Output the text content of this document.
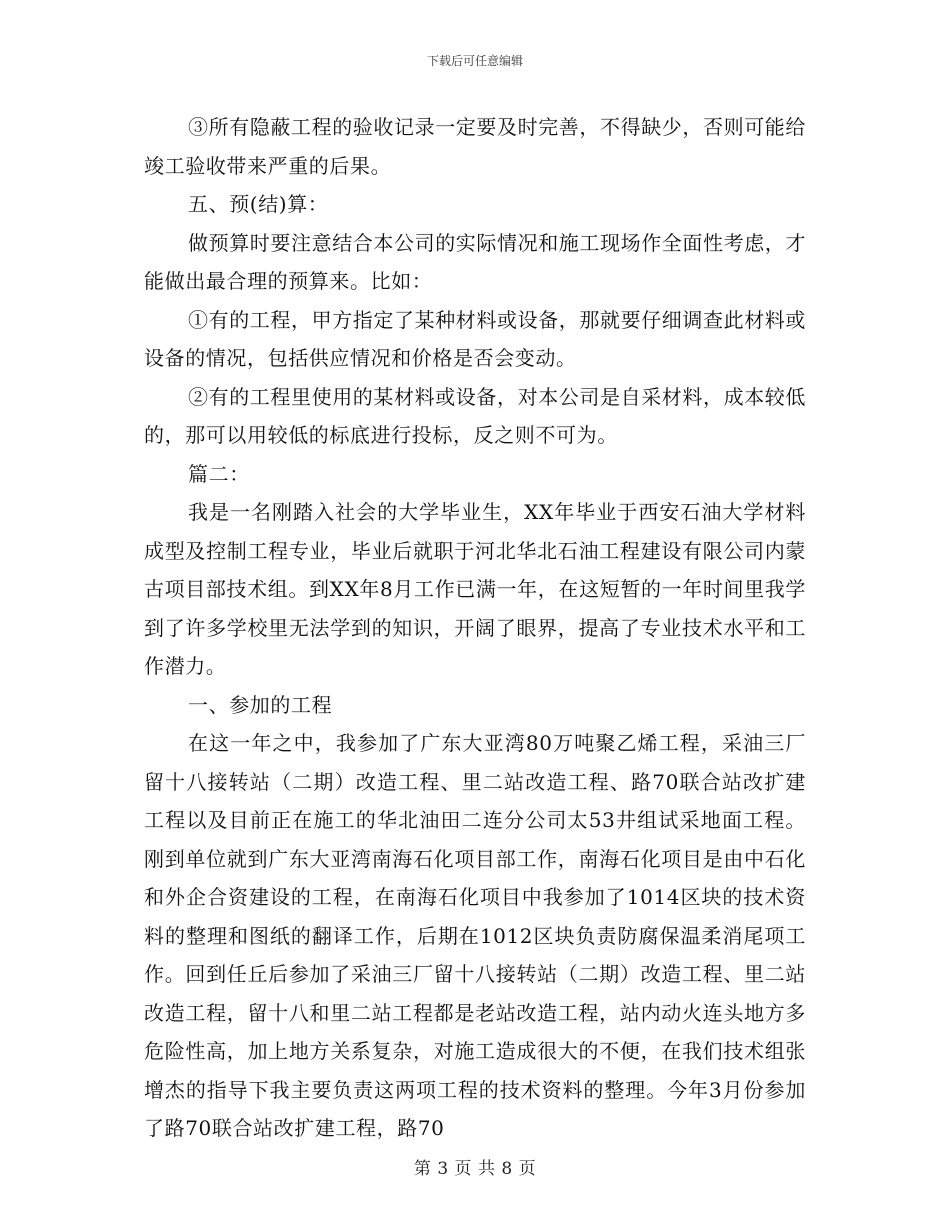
下载后可任意编辑

③所有隐蔽工程的验收记录一定要及时完善，不得缺少，否则可能给竣工验收带来严重的后果。

五、预(结)算：

做预算时要注意结合本公司的实际情况和施工现场作全面性考虑，才能做出最合理的预算来。比如：

①有的工程，甲方指定了某种材料或设备，那就要仔细调查此材料或设备的情况，包括供应情况和价格是否会变动。

②有的工程里使用的某材料或设备，对本公司是自采材料，成本较低的，那可以用较低的标底进行投标，反之则不可为。

篇二：

我是一名刚踏入社会的大学毕业生，XX年毕业于西安石油大学材料成型及控制工程专业，毕业后就职于河北华北石油工程建设有限公司内蒙古项目部技术组。到XX年8月工作已满一年，在这短暂的一年时间里我学到了许多学校里无法学到的知识，开阔了眼界，提高了专业技术水平和工作潜力。

一、参加的工程

在这一年之中，我参加了广东大亚湾80万吨聚乙烯工程，采油三厂留十八接转站（二期）改造工程、里二站改造工程、路70联合站改扩建工程以及目前正在施工的华北油田二连分公司太53井组试采地面工程。刚到单位就到广东大亚湾南海石化项目部工作，南海石化项目是由中石化和外企合资建设的工程，在南海石化项目中我参加了1014区块的技术资料的整理和图纸的翻译工作，后期在1012区块负责防腐保温柔消尾项工作。回到任丘后参加了采油三厂留十八接转站（二期）改造工程、里二站改造工程，留十八和里二站工程都是老站改造工程，站内动火连头地方多危险性高，加上地方关系复杂，对施工造成很大的不便，在我们技术组张增杰的指导下我主要负责这两项工程的技术资料的整理。今年3月份参加了路70联合站改扩建工程，路70

第 3 页 共 8 页
